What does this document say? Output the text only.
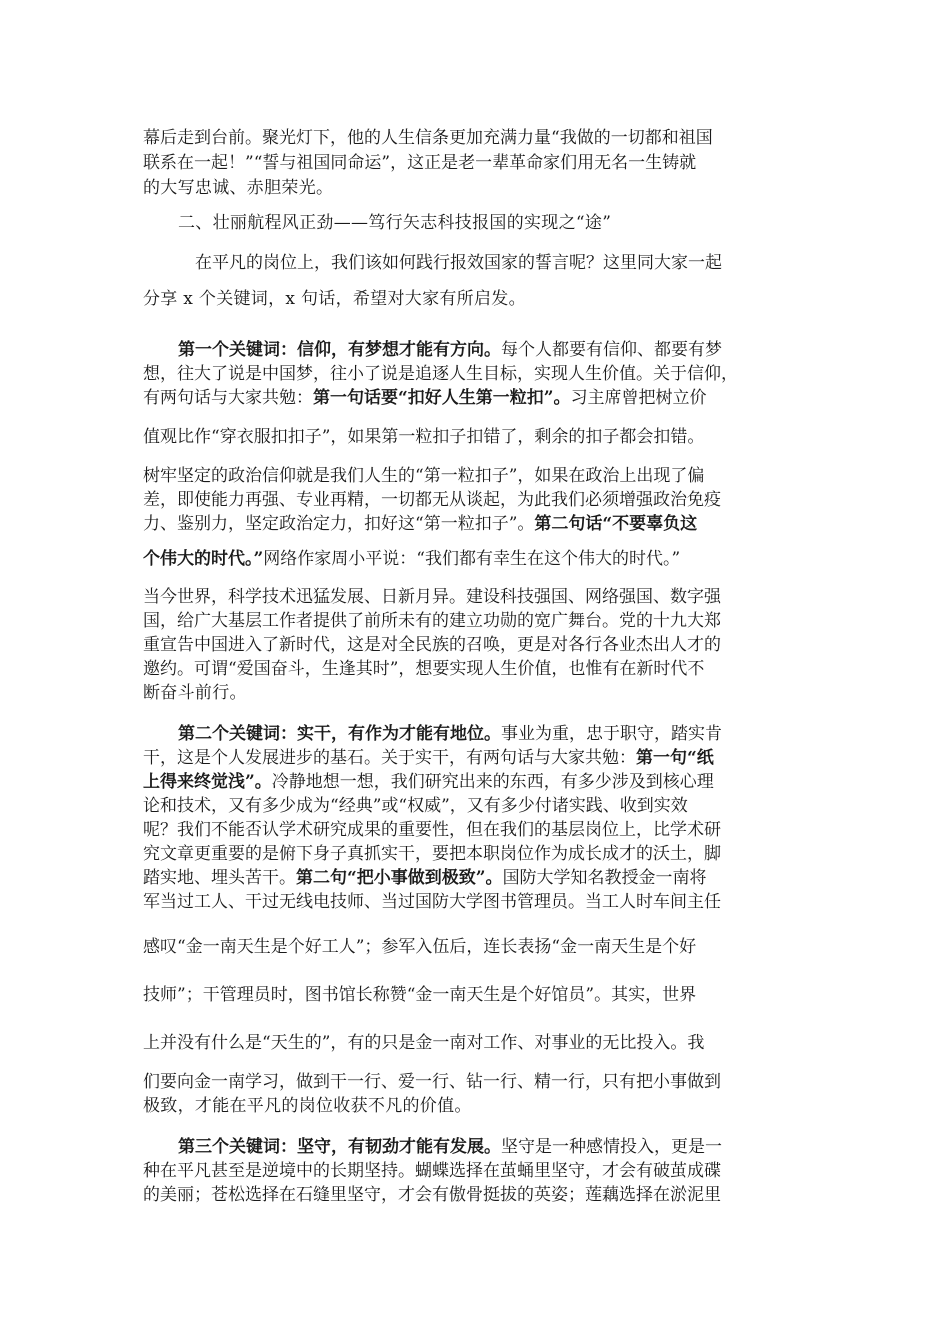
幕后走到台前。聚光灯下，他的人生信条更加充满力量“我做的一切都和祖国
联系在一起！”“誓与祖国同命运”，这正是老一辈革命家们用无名一生铸就
的大写忠诚、赤胆荣光。
二、壮丽航程风正劲——笃行矢志科技报国的实现之“途”
在平凡的岗位上，我们该如何践行报效国家的誓言呢？这里同大家一起
分享 x 个关键词，x 句话，希望对大家有所启发。
第一个关键词：信仰，有梦想才能有方向。每个人都要有信仰、都要有梦
想，往大了说是中国梦，往小了说是追逐人生目标，实现人生价值。关于信仰，
有两句话与大家共勉：第一句话要“扣好人生第一粒扣”。习主席曾把树立价
值观比作“穿衣服扣扣子”，如果第一粒扣子扣错了，剩余的扣子都会扣错。
树牢坚定的政治信仰就是我们人生的“第一粒扣子”，如果在政治上出现了偏
差，即使能力再强、专业再精，一切都无从谈起，为此我们必须增强政治免疫
力、鉴别力，坚定政治定力，扣好这“第一粒扣子”。第二句话“不要辜负这
个伟大的时代。”网络作家周小平说：“我们都有幸生在这个伟大的时代。”
当今世界，科学技术迅猛发展、日新月异。建设科技强国、网络强国、数字强
国，给广大基层工作者提供了前所未有的建立功勋的宽广舞台。党的十九大郑
重宣告中国进入了新时代，这是对全民族的召唤，更是对各行各业杰出人才的
邀约。可谓“爱国奋斗，生逢其时”，想要实现人生价值，也惟有在新时代不
断奋斗前行。
第二个关键词：实干，有作为才能有地位。事业为重，忠于职守，踏实肯
干，这是个人发展进步的基石。关于实干，有两句话与大家共勉：第一句“纸
上得来终觉浅”。冷静地想一想，我们研究出来的东西，有多少涉及到核心理
论和技术，又有多少成为“经典”或“权威”，又有多少付诸实践、收到实效
呢？我们不能否认学术研究成果的重要性，但在我们的基层岗位上，比学术研
究文章更重要的是俯下身子真抓实干，要把本职岗位作为成长成才的沃土，脚
踏实地、埋头苦干。第二句“把小事做到极致”。国防大学知名教授金一南将
军当过工人、干过无线电技师、当过国防大学图书管理员。当工人时车间主任
感叹“金一南天生是个好工人”；参军入伍后，连长表扬“金一南天生是个好
技师”；干管理员时，图书馆长称赞“金一南天生是个好馆员”。其实，世界
上并没有什么是“天生的”，有的只是金一南对工作、对事业的无比投入。我
们要向金一南学习，做到干一行、爱一行、钻一行、精一行，只有把小事做到
极致，才能在平凡的岗位收获不凡的价值。
第三个关键词：坚守，有韧劲才能有发展。坚守是一种感情投入，更是一
种在平凡甚至是逆境中的长期坚持。蝴蝶选择在茧蛹里坚守，才会有破茧成碟
的美丽；苍松选择在石缝里坚守，才会有傲骨挺拔的英姿；莲藕选择在淤泥里
